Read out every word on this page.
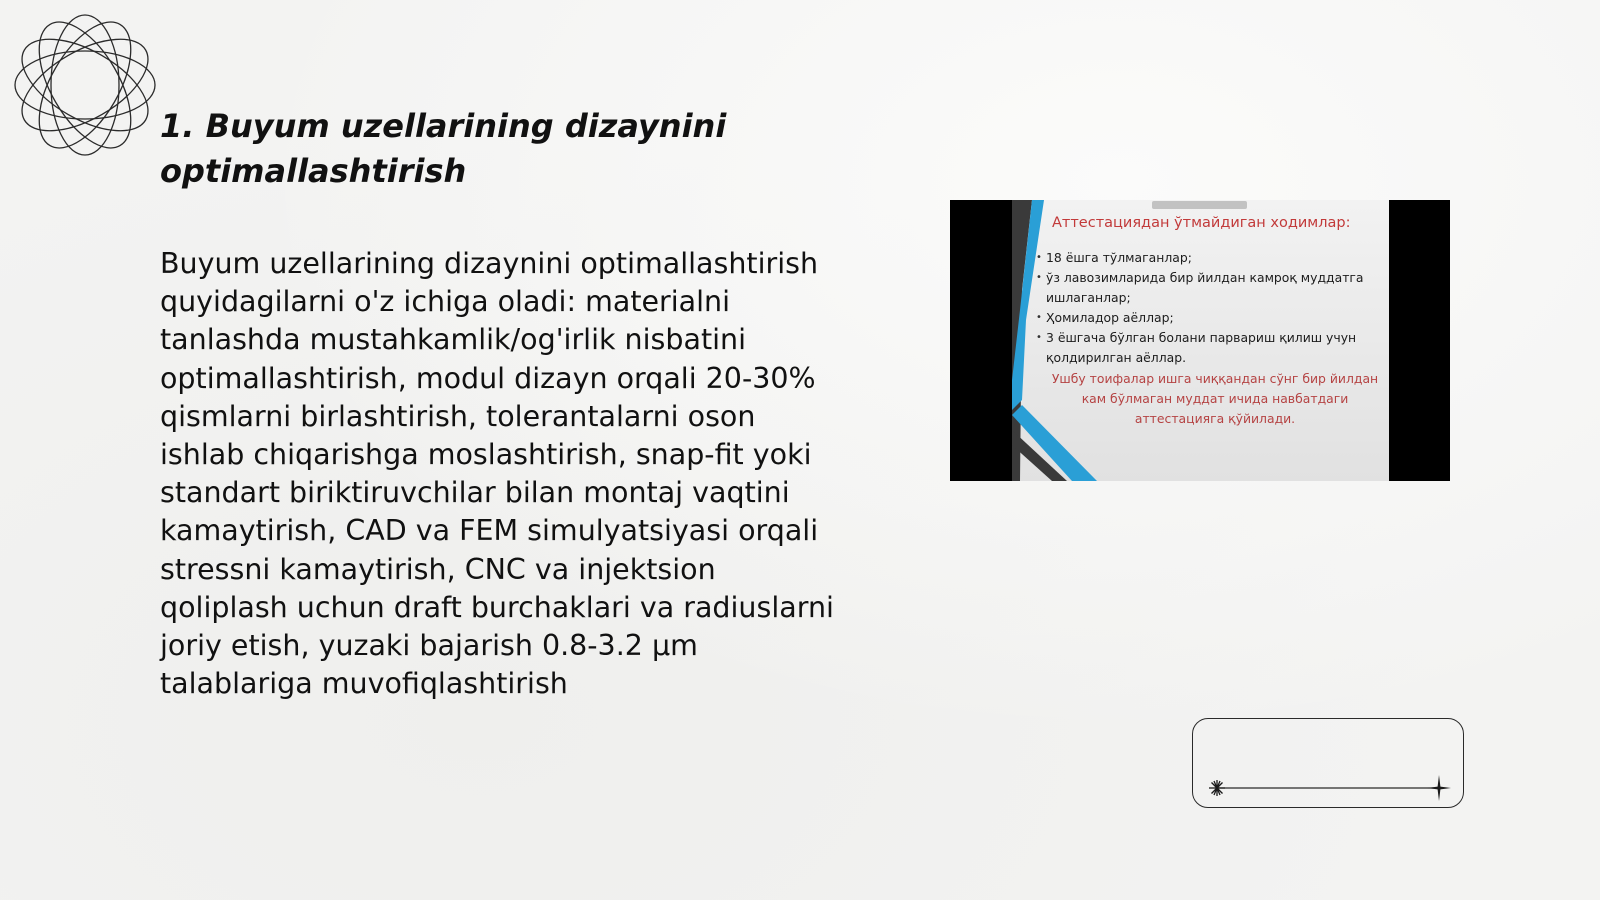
1. Buyum uzellarining dizaynini optimallashtirish

Buyum uzellarining dizaynini optimallashtirish quyidagilarni o'z ichiga oladi: materialni tanlashda mustahkamlik/og'irlik nisbatini optimallashtirish, modul dizayn orqali 20-30% qismlarni birlashtirish, tolerantalarni oson ishlab chiqarishga moslashtirish, snap-fit yoki standart biriktiruvchilar bilan montaj vaqtini kamaytirish, CAD va FEM simulyatsiyasi orqali stressni kamaytirish, CNC va injektsion qoliplash uchun draft burchaklari va radiuslarni joriy etish, yuzaki bajarish 0.8-3.2 μm talablariga muvofiqlashtirish

Аттестациядан ўтмайдиган ходимлар:

• 18 ёшга тўлмаганлар;
• ўз лавозимларида бир йилдан камроқ муддатга ишлаганлар;
• Ҳомиладор аёллар;
• 3 ёшгача бўлган болани парвариш қилиш учун қолдирилган аёллар.

Ушбу тоифалар ишга чиққандан сўнг бир йилдан кам бўлмаган муддат ичида навбатдаги аттестацияга қўйилади.
